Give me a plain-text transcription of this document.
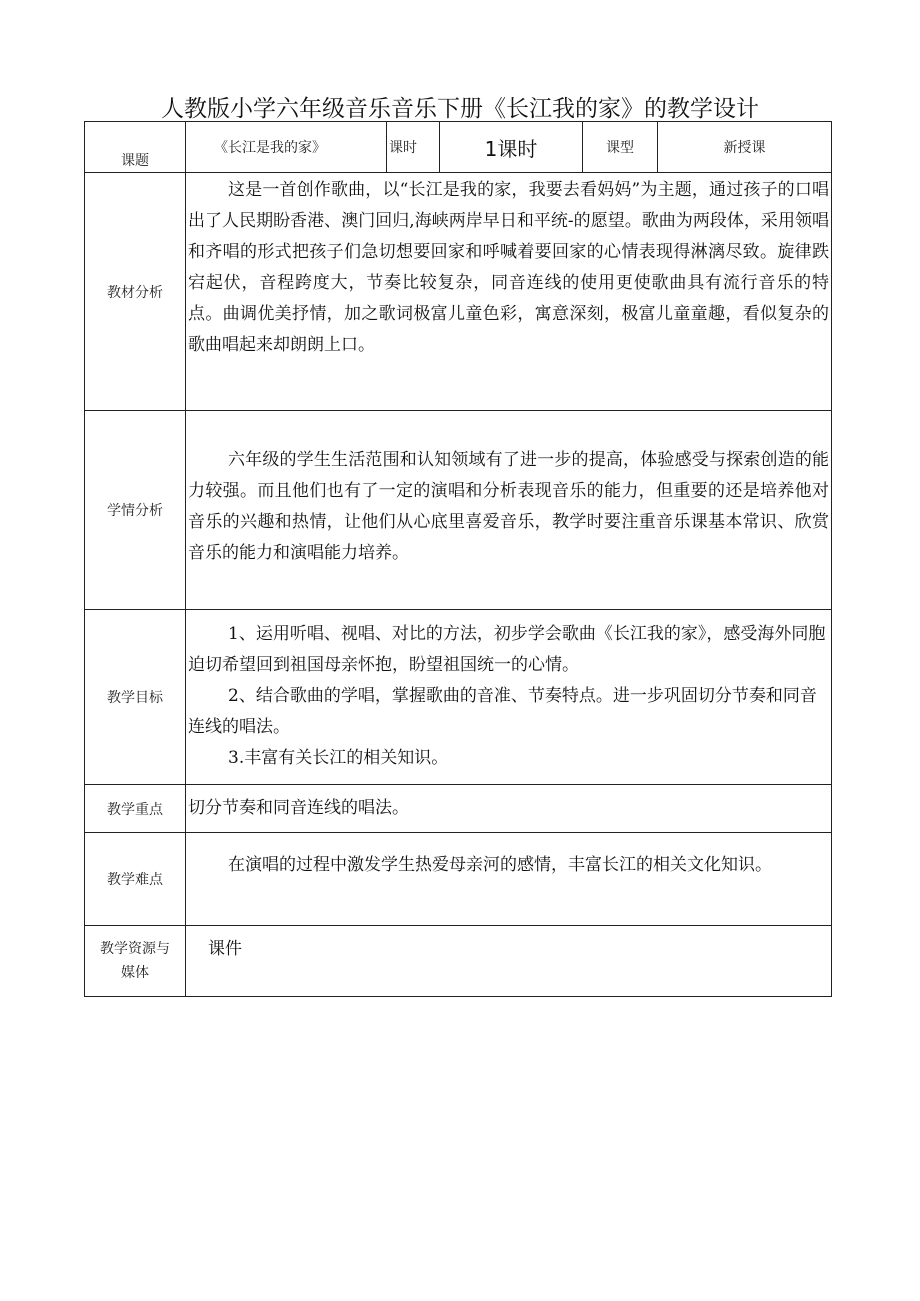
人教版小学六年级音乐音乐下册《长江我的家》的教学设计
课题	《长江是我的家》	课时	1课时	课型	新授课
教材分析	这是一首创作歌曲，以“长江是我的家，我要去看妈妈”为主题，通过孩子的口唱出了人民期盼香港、澳门回归,海峡两岸早日和平统-的愿望。歌曲为两段体，采用领唱和齐唱的形式把孩子们急切想要回家和呼喊着要回家的心情表现得淋漓尽致。旋律跌宕起伏，音程跨度大，节奏比较复杂，同音连线的使用更使歌曲具有流行音乐的特点。曲调优美抒情，加之歌词极富儿童色彩，寓意深刻，极富儿童童趣，看似复杂的歌曲唱起来却朗朗上口。				

学情分析	六年级的学生生活范围和认知领域有了进一步的提高，体验感受与探索创造的能力较强。而且他们也有了一定的演唱和分析表现音乐的能力，但重要的还是培养他对音乐的兴趣和热情，让他们从心底里喜爱音乐，教学时要注重音乐课基本常识、欣赏音乐的能力和演唱能力培养。				

教学目标	1、运用听唱、视唱、对比的方法，初步学会歌曲《长江我的家》，感受海外同胞迫切希望回到祖国母亲怀抱，盼望祖国统一的心情。

2、结合歌曲的学唱，掌握歌曲的音准、节奏特点。进一步巩固切分节奏和同音连线的唱法。

3.丰富有关长江的相关知识。				

教学重点	切分节奏和同音连线的唱法。				

教学难点	在演唱的过程中激发学生热爱母亲河的感情，丰富长江的相关文化知识。				

教学资源与
媒体	课件				
